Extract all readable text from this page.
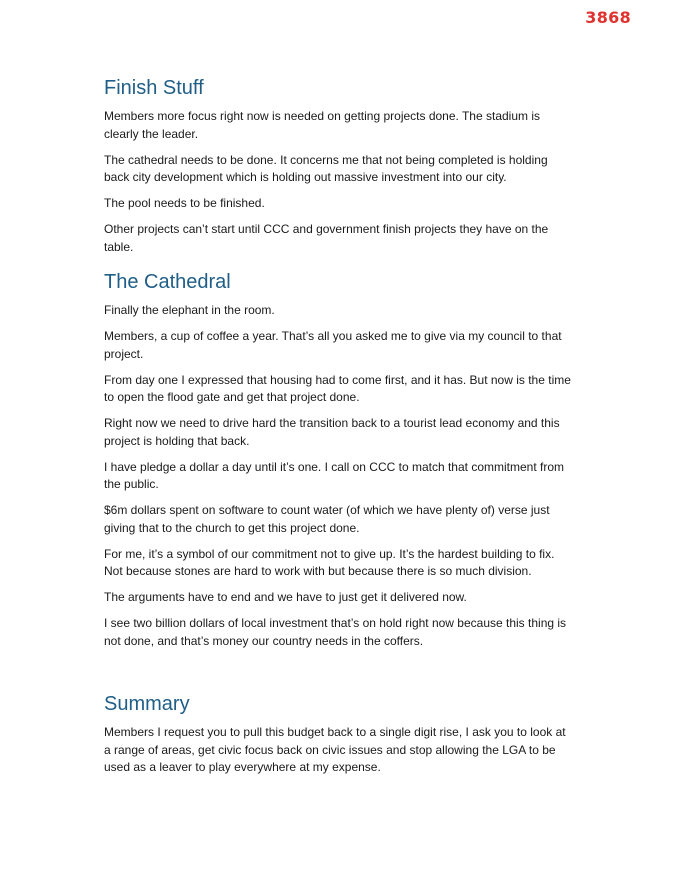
3868
Finish Stuff

Members more focus right now is needed on getting projects done. The stadium is clearly the leader.

The cathedral needs to be done. It concerns me that not being completed is holding back city development which is holding out massive investment into our city.

The pool needs to be finished.

Other projects can’t start until CCC and government finish projects they have on the table.

The Cathedral

Finally the elephant in the room.

Members, a cup of coffee a year. That’s all you asked me to give via my council to that project.

From day one I expressed that housing had to come first, and it has. But now is the time to open the flood gate and get that project done.

Right now we need to drive hard the transition back to a tourist lead economy and this project is holding that back.

I have pledge a dollar a day until it’s one. I call on CCC to match that commitment from the public.

$6m dollars spent on software to count water (of which we have plenty of) verse just giving that to the church to get this project done.

For me, it’s a symbol of our commitment not to give up. It’s the hardest building to fix. Not because stones are hard to work with but because there is so much division.

The arguments have to end and we have to just get it delivered now.

I see two billion dollars of local investment that’s on hold right now because this thing is not done, and that’s money our country needs in the coffers.

Summary

Members I request you to pull this budget back to a single digit rise, I ask you to look at a range of areas, get civic focus back on civic issues and stop allowing the LGA to be used as a leaver to play everywhere at my expense.
